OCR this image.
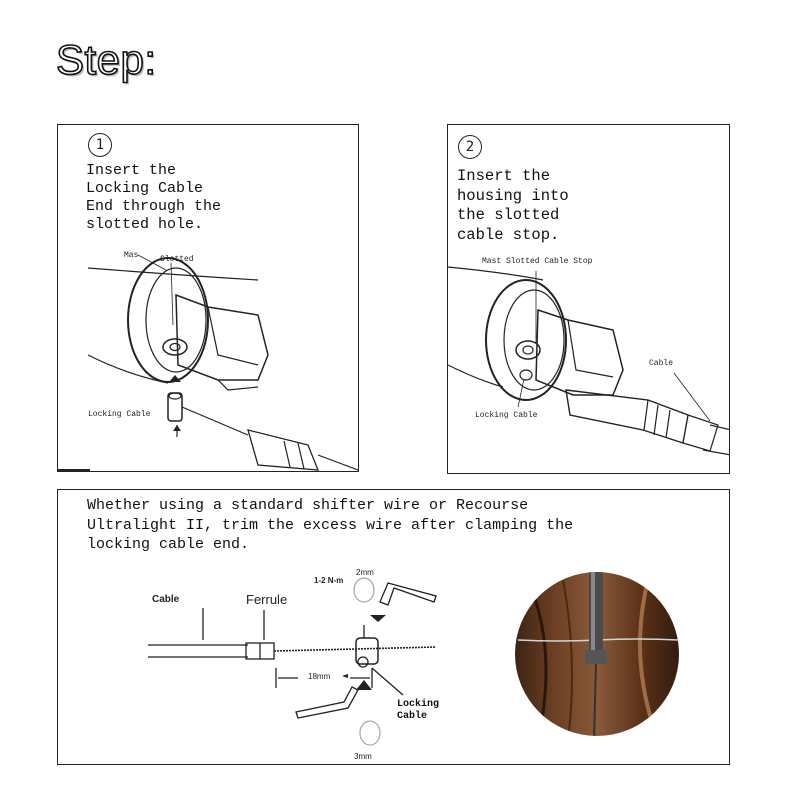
Step:
1
Insert the
Locking Cable
End through the
slotted hole.
Mas	Slotted
Locking Cable
2
Insert the
housing into
the slotted
cable stop.
Mast Slotted Cable Stop
Cable
Locking Cable
Whether using a standard shifter wire or Recourse
Ultralight II, trim the excess wire after clamping the
locking cable end.
Cable	Ferrule
1-2 N-m
2mm
18mm
Locking
Cable
3mm
